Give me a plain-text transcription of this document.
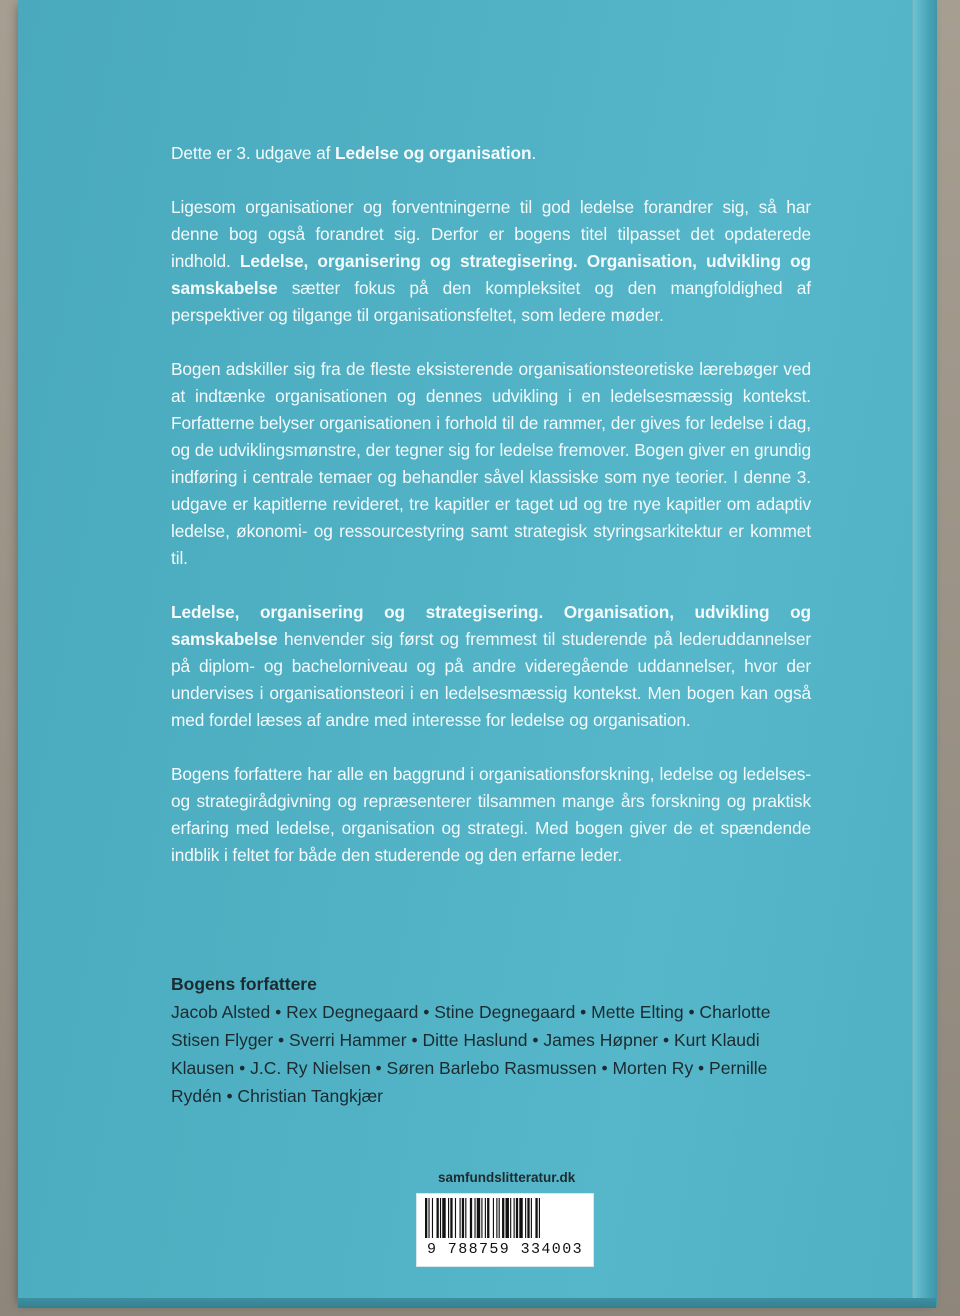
Dette er 3. udgave af Ledelse og organisation.

Ligesom organisationer og forventningerne til god ledelse forandrer sig, så har denne bog også forandret sig. Derfor er bogens titel tilpasset det opdaterede indhold. Ledelse, organisering og strategisering. Organisation, udvikling og samskabelse sætter fokus på den kompleksitet og den mangfoldighed af perspektiver og tilgange til organisationsfeltet, som ledere møder.

Bogen adskiller sig fra de fleste eksisterende organisationsteoretiske lærebøger ved at indtænke organisationen og dennes udvikling i en ledelsesmæssig kontekst. Forfatterne belyser organisationen i forhold til de rammer, der gives for ledelse i dag, og de udviklingsmønstre, der tegner sig for ledelse fremover. Bogen giver en grundig indføring i centrale temaer og behandler såvel klassiske som nye teorier. I denne 3. udgave er kapitlerne revideret, tre kapitler er taget ud og tre nye kapitler om adaptiv ledelse, økonomi- og ressourcestyring samt strategisk styringsarkitektur er kommet til.

Ledelse, organisering og strategisering. Organisation, udvikling og samskabelse henvender sig først og fremmest til studerende på lederuddannelser på diplom- og bachelorniveau og på andre videregående uddannelser, hvor der undervises i organisationsteori i en ledelsesmæssig kontekst. Men bogen kan også med fordel læses af andre med interesse for ledelse og organisation.

Bogens forfattere har alle en baggrund i organisationsforskning, ledelse og ledelses- og strategirådgivning og repræsenterer tilsammen mange års forskning og praktisk erfaring med ledelse, organisation og strategi. Med bogen giver de et spændende indblik i feltet for både den studerende og den erfarne leder.

Bogens forfattere

Jacob Alsted • Rex Degnegaard • Stine Degnegaard • Mette Elting • Charlotte Stisen Flyger • Sverri Hammer • Ditte Haslund • James Høpner • Kurt Klaudi Klausen • J.C. Ry Nielsen • Søren Barlebo Rasmussen • Morten Ry • Pernille Rydén • Christian Tangkjær

samfundslitteratur.dk
9 788759 334003
